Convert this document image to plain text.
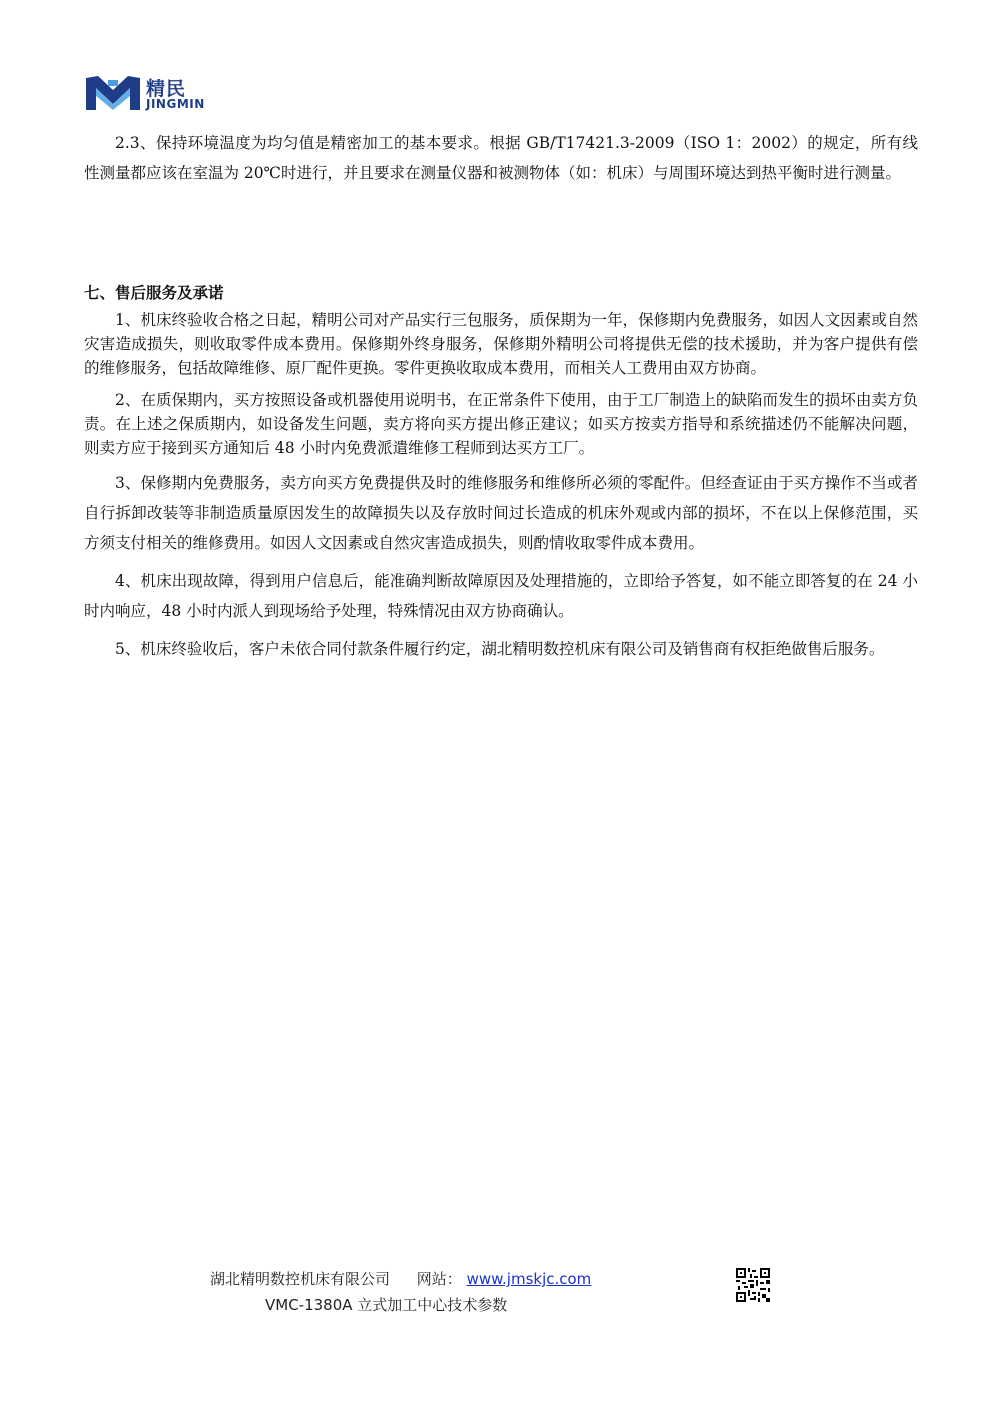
精民
JINGMIN

2.3、保持环境温度为均匀值是精密加工的基本要求。根据 GB/T17421.3-2009（ISO 1：2002）的规定，所有线性测量都应该在室温为 20℃时进行，并且要求在测量仪器和被测物体（如：机床）与周围环境达到热平衡时进行测量。

七、售后服务及承诺

1、机床终验收合格之日起，精明公司对产品实行三包服务，质保期为一年，保修期内免费服务，如因人文因素或自然灾害造成损失，则收取零件成本费用。保修期外终身服务，保修期外精明公司将提供无偿的技术援助，并为客户提供有偿的维修服务，包括故障维修、原厂配件更换。零件更换收取成本费用，而相关人工费用由双方协商。

2、在质保期内，买方按照设备或机器使用说明书，在正常条件下使用，由于工厂制造上的缺陷而发生的损坏由卖方负责。在上述之保质期内，如设备发生问题，卖方将向买方提出修正建议；如买方按卖方指导和系统描述仍不能解决问题，则卖方应于接到买方通知后 48 小时内免费派遣维修工程师到达买方工厂。

3、保修期内免费服务，卖方向买方免费提供及时的维修服务和维修所必须的零配件。但经查证由于买方操作不当或者自行拆卸改装等非制造质量原因发生的故障损失以及存放时间过长造成的机床外观或内部的损坏，不在以上保修范围，买方须支付相关的维修费用。如因人文因素或自然灾害造成损失，则酌情收取零件成本费用。

4、机床出现故障，得到用户信息后，能准确判断故障原因及处理措施的，立即给予答复，如不能立即答复的在 24 小时内响应，48 小时内派人到现场给予处理，特殊情况由双方协商确认。

5、机床终验收后，客户未依合同付款条件履行约定，湖北精明数控机床有限公司及销售商有权拒绝做售后服务。

湖北精明数控机床有限公司 网站： www.jmskjc.com
VMC-1380A 立式加工中心技术参数
